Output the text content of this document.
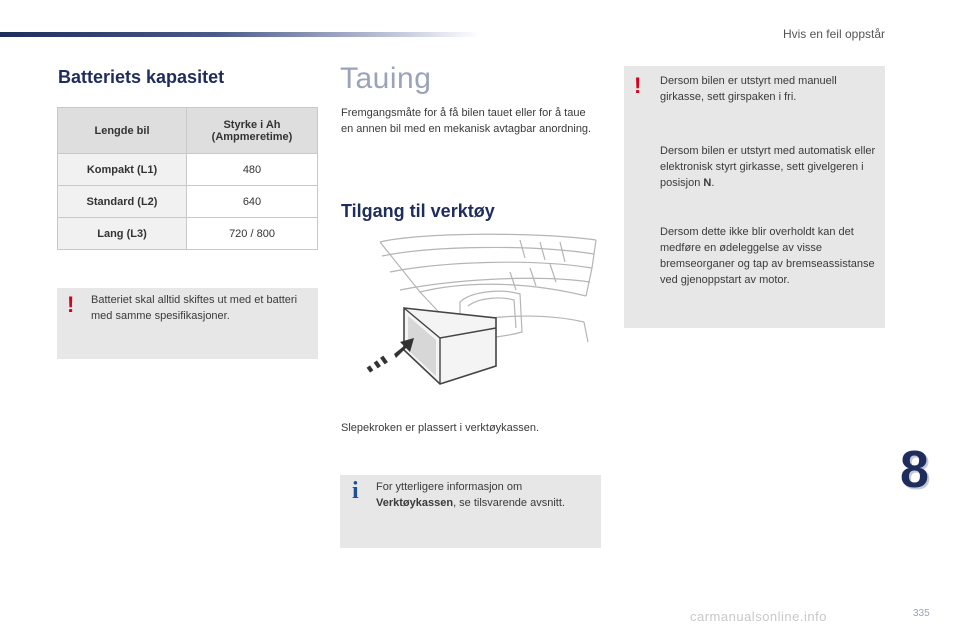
Hvis en feil oppstår
Batteriets kapasitet
Lengde bil	Styrke i Ah
(Ampmeretime)
Kompakt (L1)	480
Standard (L2)	640
Lang (L3)	720 / 800
! Batteriet skal alltid skiftes ut med et batteri med samme spesifikasjoner.
Tauing
Fremgangsmåte for å få bilen tauet eller for å taue en annen bil med en mekanisk avtagbar anordning.
Tilgang til verktøy
Slepekroken er plassert i verktøykassen.
i	For ytterligere informasjon om
Verktøykassen, se tilsvarende avsnitt.
! Dersom bilen er utstyrt med manuell girkasse, sett girspaken i fri.
Dersom bilen er utstyrt med automatisk eller elektronisk styrt girkasse, sett givelgeren i posisjon N.
Dersom dette ikke blir overholdt kan det medføre en ødeleggelse av visse bremseorganer og tap av bremseassistanse ved gjenoppstart av motor.
8
carmanualsonline.info	335
